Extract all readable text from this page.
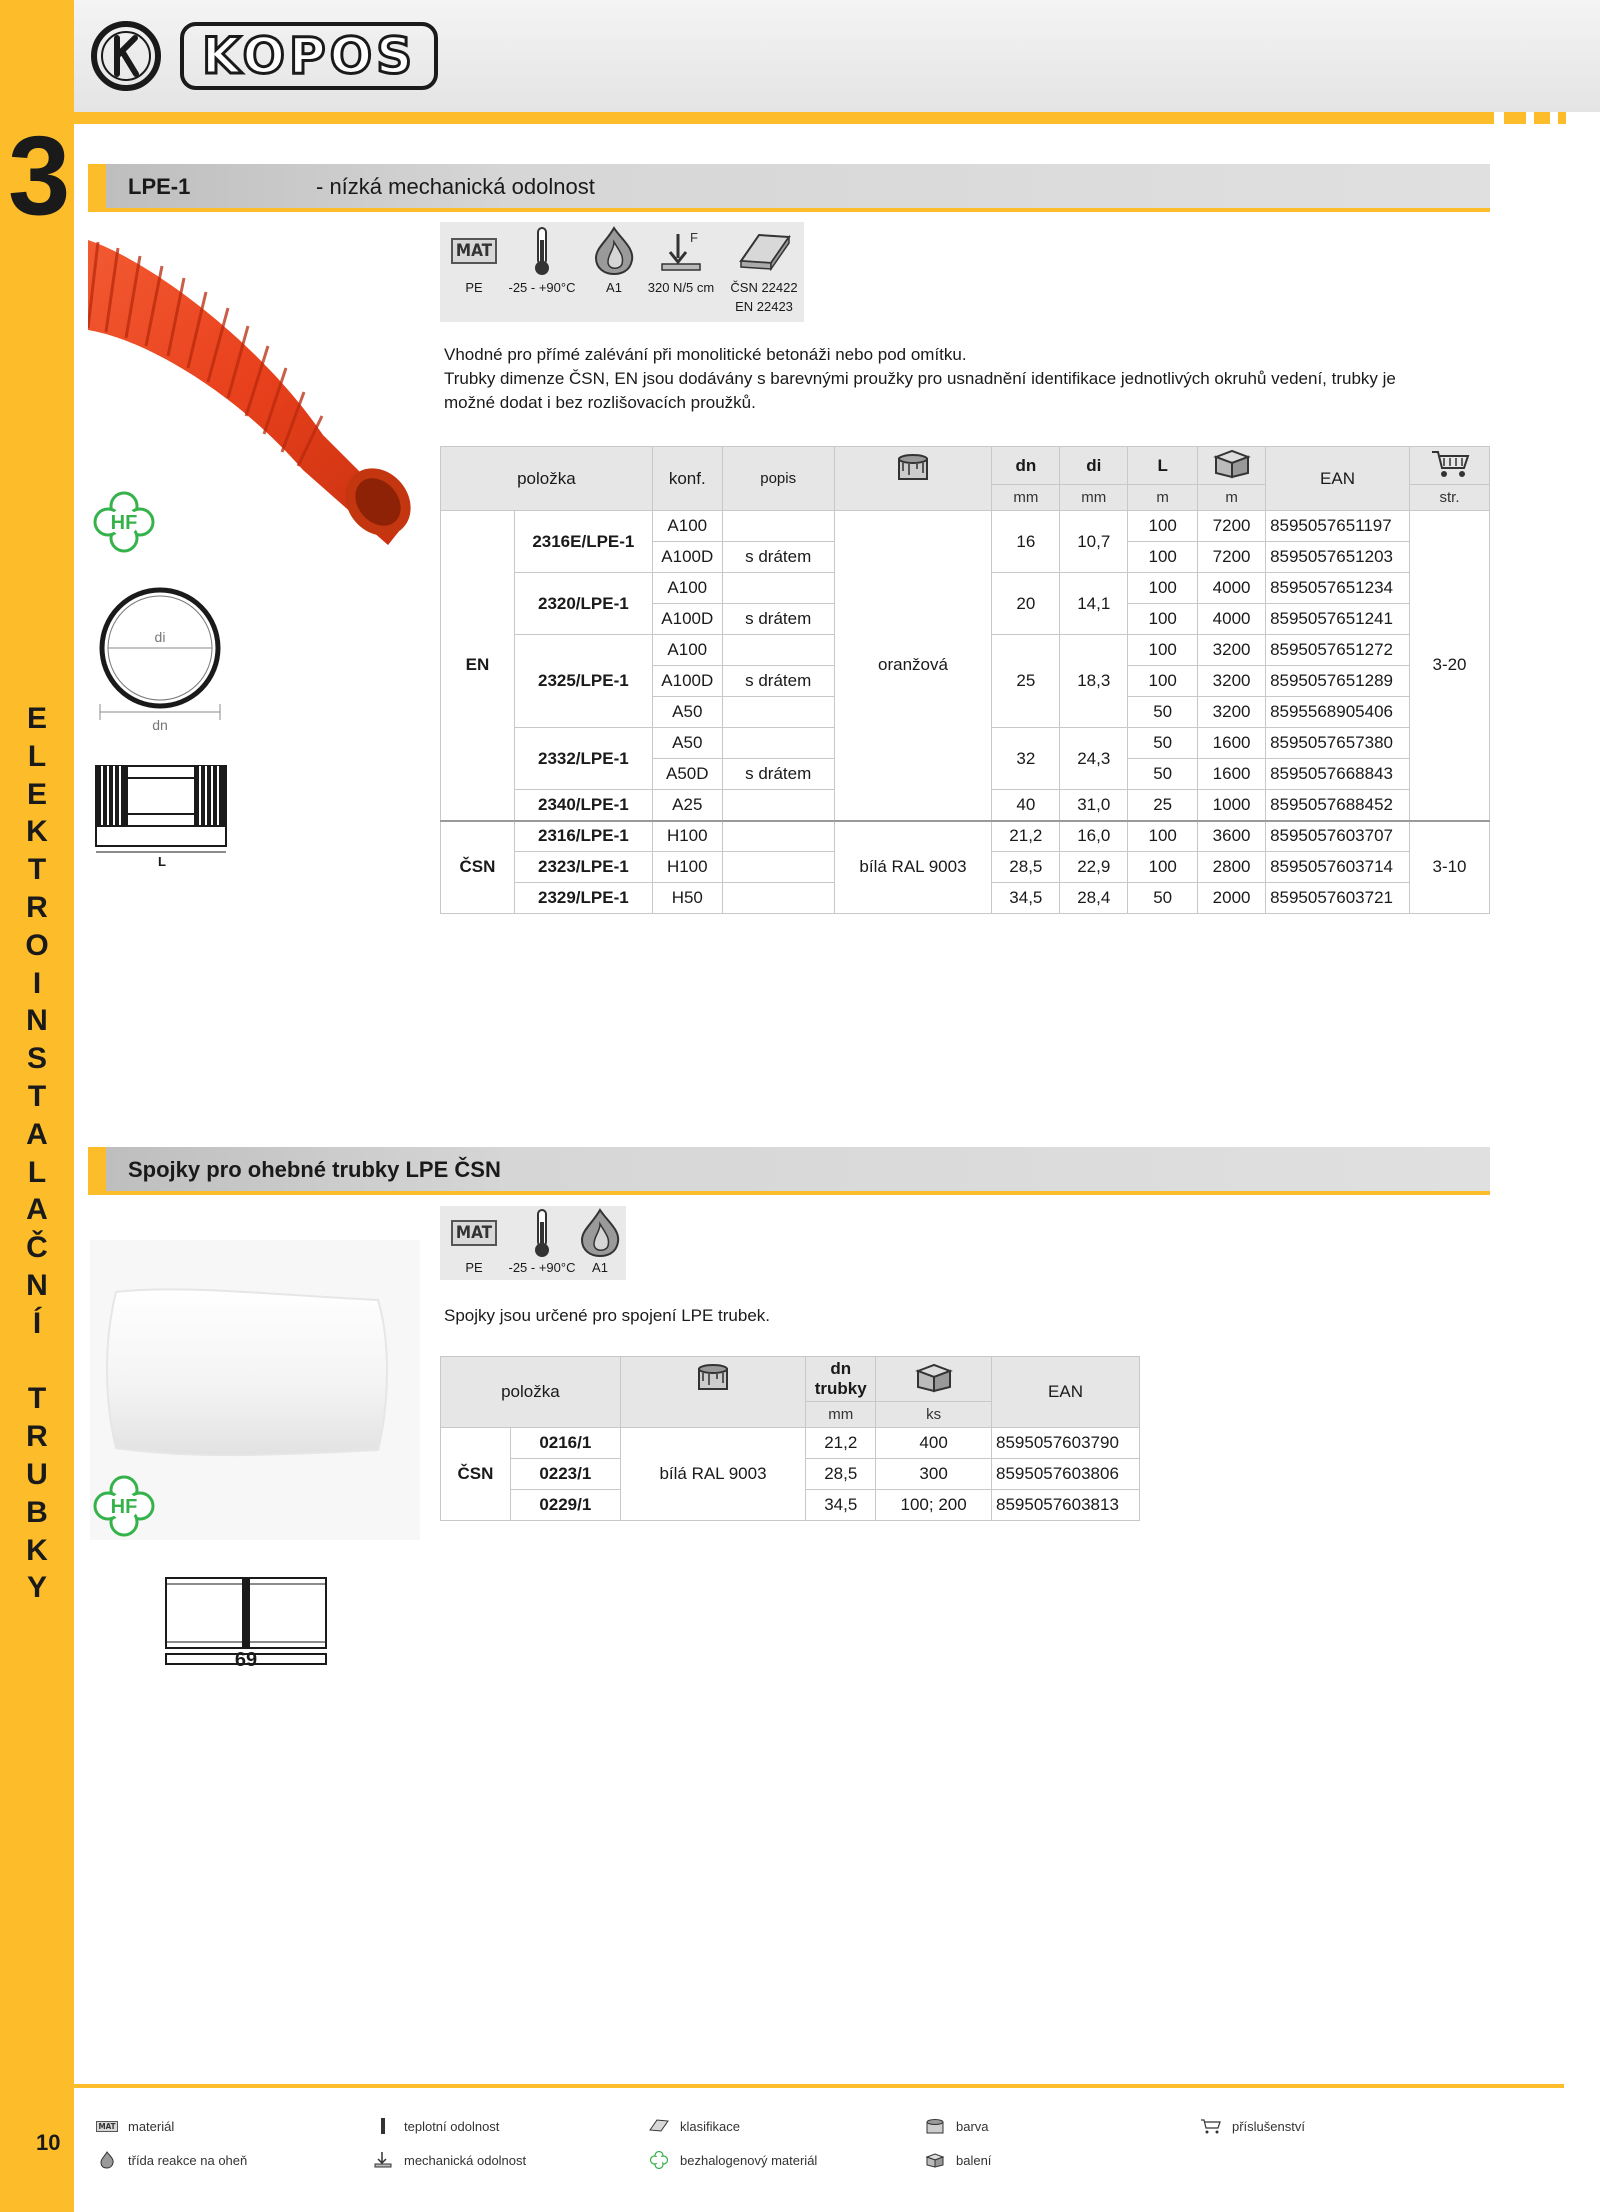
3
E
L
E
K
T
R
O
I
N
S
T
A
L
A
Č
N
Í
T
R
U
B
K
Y
10
KOPOS
LPE-1	- nízká mechanická odolnost
HF
di
dn
L
MAT
PE	-25 - +90°C	A1
F
320 N/5 cm	ČSN 22422
EN 22423
Vhodné pro přímé zalévání při monolitické betonáži nebo pod omítku.
Trubky dimenze ČSN, EN jsou dodávány s barevnými proužky pro usnadnění identifikace jednotlivých okruhů vedení, trubky je
možné dodat i bez rozlišovacích proužků.
položka		konf.	popis		dn	di	L		EAN	
					mm	mm	m	m		str.
EN	2316E/LPE-1	A100		oranžová	16	10,7	100	7200	8595057651197	3-20
		A100D	s drátem				100	7200	8595057651203	
	2320/LPE-1	A100			20	14,1	100	4000	8595057651234	
		A100D	s drátem				100	4000	8595057651241	
	2325/LPE-1	A100			25	18,3	100	3200	8595057651272	
		A100D	s drátem				100	3200	8595057651289	
		A50					50	3200	8595568905406	
	2332/LPE-1	A50			32	24,3	50	1600	8595057657380	
		A50D	s drátem				50	1600	8595057668843	
	2340/LPE-1	A25			40	31,0	25	1000	8595057688452	
ČSN	2316/LPE-1	H100		bílá RAL 9003	21,2	16,0	100	3600	8595057603707	3-10
	2323/LPE-1	H100			28,5	22,9	100	2800	8595057603714	
	2329/LPE-1	H50			34,5	28,4	50	2000	8595057603721	
Spojky pro ohebné trubky LPE ČSN
HF
69
MAT
PE	-25 - +90°C	A1
Spojky jsou určené pro spojení LPE trubek.
položka			dn
trubky		EAN
			mm	ks	
ČSN	0216/1	bílá RAL 9003	21,2	400	8595057603790
	0223/1		28,5	300	8595057603806
	0229/1		34,5	100; 200	8595057603813
MAT materiál	teplotní odolnost	klasifikace	barva	příslušenství
třída reakce na oheň	mechanická odolnost	bezhalogenový materiál	balení
